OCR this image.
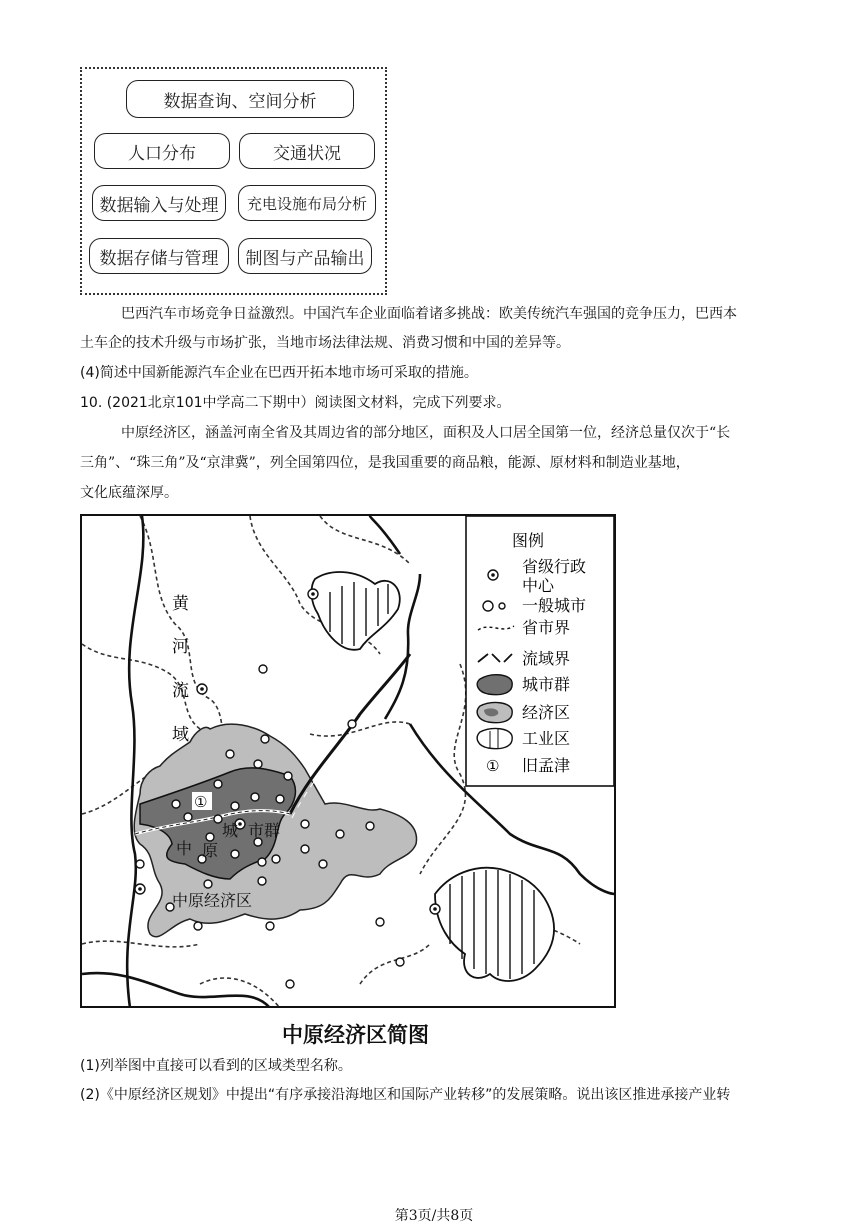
数据查询、空间分析
人口分布	交通状况
数据输入与处理	充电设施布局分析
数据存储与管理	制图与产品输出
巴西汽车市场竞争日益激烈。中国汽车企业面临着诸多挑战：欧美传统汽车强国的竞争压力，巴西本
土车企的技术升级与市场扩张，当地市场法律法规、消费习惯和中国的差异等。
(4)简述中国新能源汽车企业在巴西开拓本地市场可采取的措施。
10. (2021北京101中学高二下期中）阅读图文材料，完成下列要求。
中原经济区，涵盖河南全省及其周边省的部分地区，面积及人口居全国第一位，经济总量仅次于“长
三角”、“珠三角”及“京津冀”，列全国第四位，是我国重要的商品粮，能源、原材料和制造业基地，
文化底蕴深厚。
黄
河
流
域
中 原
城 市群
中原经济区
①
图例
省级行政
中心
一般城市
省市界
流域界
城市群
经济区
工业区
① 旧孟津
中原经济区简图
(1)列举图中直接可以看到的区域类型名称。
(2)《中原经济区规划》中提出“有序承接沿海地区和国际产业转移”的发展策略。说出该区推进承接产业转
第3页/共8页
